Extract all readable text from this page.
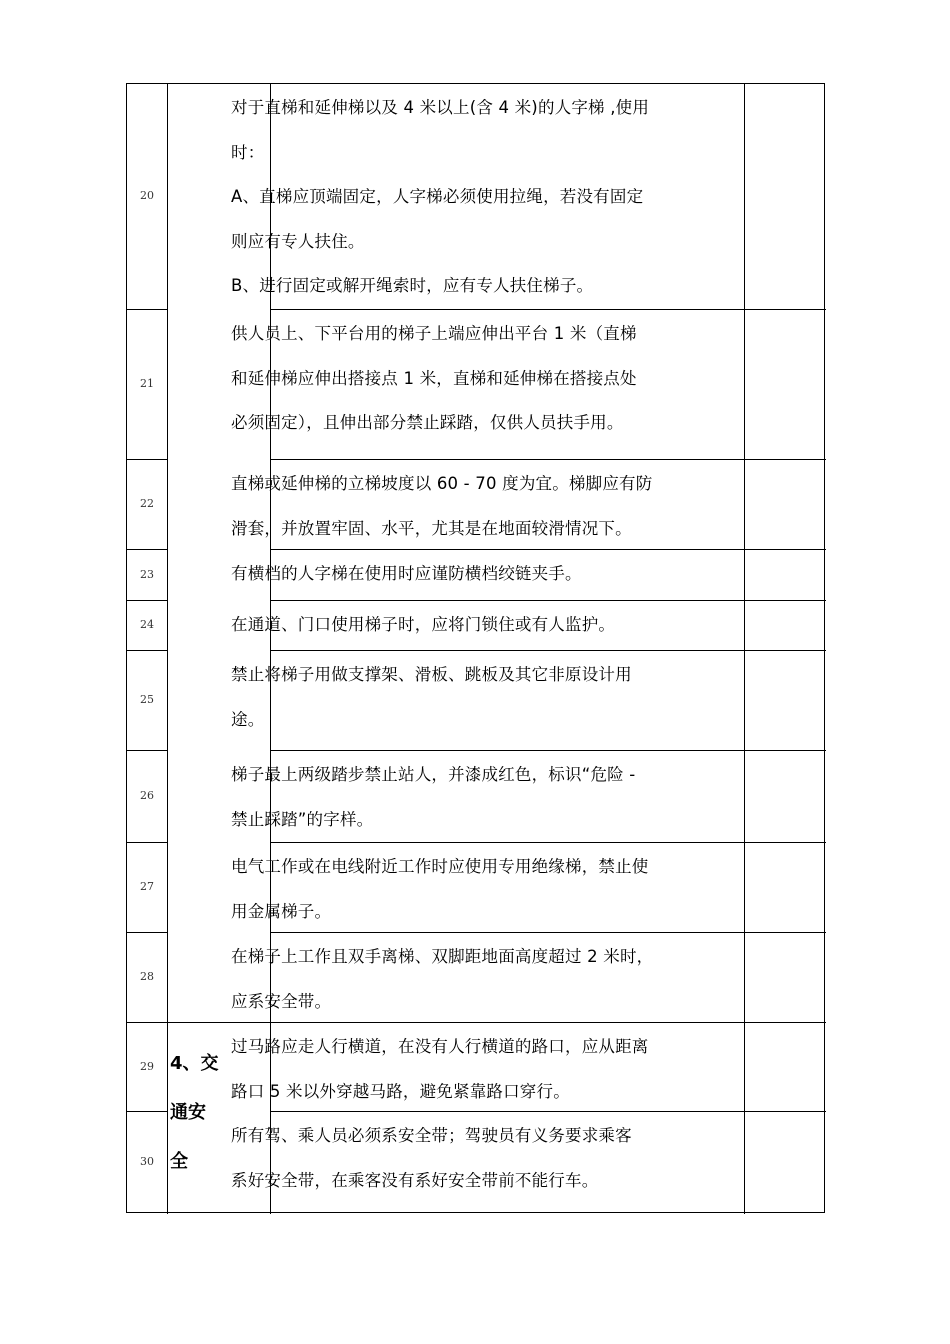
20
对于直梯和延伸梯以及 4 米以上(含 4 米)的人字梯 ,使用
时：
A、直梯应顶端固定，人字梯必须使用拉绳，若没有固定
则应有专人扶住。
B、进行固定或解开绳索时，应有专人扶住梯子。
21
供人员上、下平台用的梯子上端应伸出平台 1 米（直梯
和延伸梯应伸出搭接点 1 米，直梯和延伸梯在搭接点处
必须固定），且伸出部分禁止踩踏，仅供人员扶手用。
22
直梯或延伸梯的立梯坡度以 60 - 70 度为宜。梯脚应有防
滑套，并放置牢固、水平，尤其是在地面较滑情况下。
23	有横档的人字梯在使用时应谨防横档绞链夹手。
24	在通道、门口使用梯子时，应将门锁住或有人监护。
25
禁止将梯子用做支撑架、滑板、跳板及其它非原设计用
途。
26
梯子最上两级踏步禁止站人，并漆成红色，标识“危险 -
禁止踩踏”的字样。
27
电气工作或在电线附近工作时应使用专用绝缘梯，禁止使
用金属梯子。
28
在梯子上工作且双手离梯、双脚距地面高度超过 2 米时，
应系安全带。
29
过马路应走人行横道，在没有人行横道的路口，应从距离
路口 5 米以外穿越马路，避免紧靠路口穿行。
30
所有驾、乘人员必须系安全带；驾驶员有义务要求乘客
系好安全带，在乘客没有系好安全带前不能行车。
4、交
通安
全
